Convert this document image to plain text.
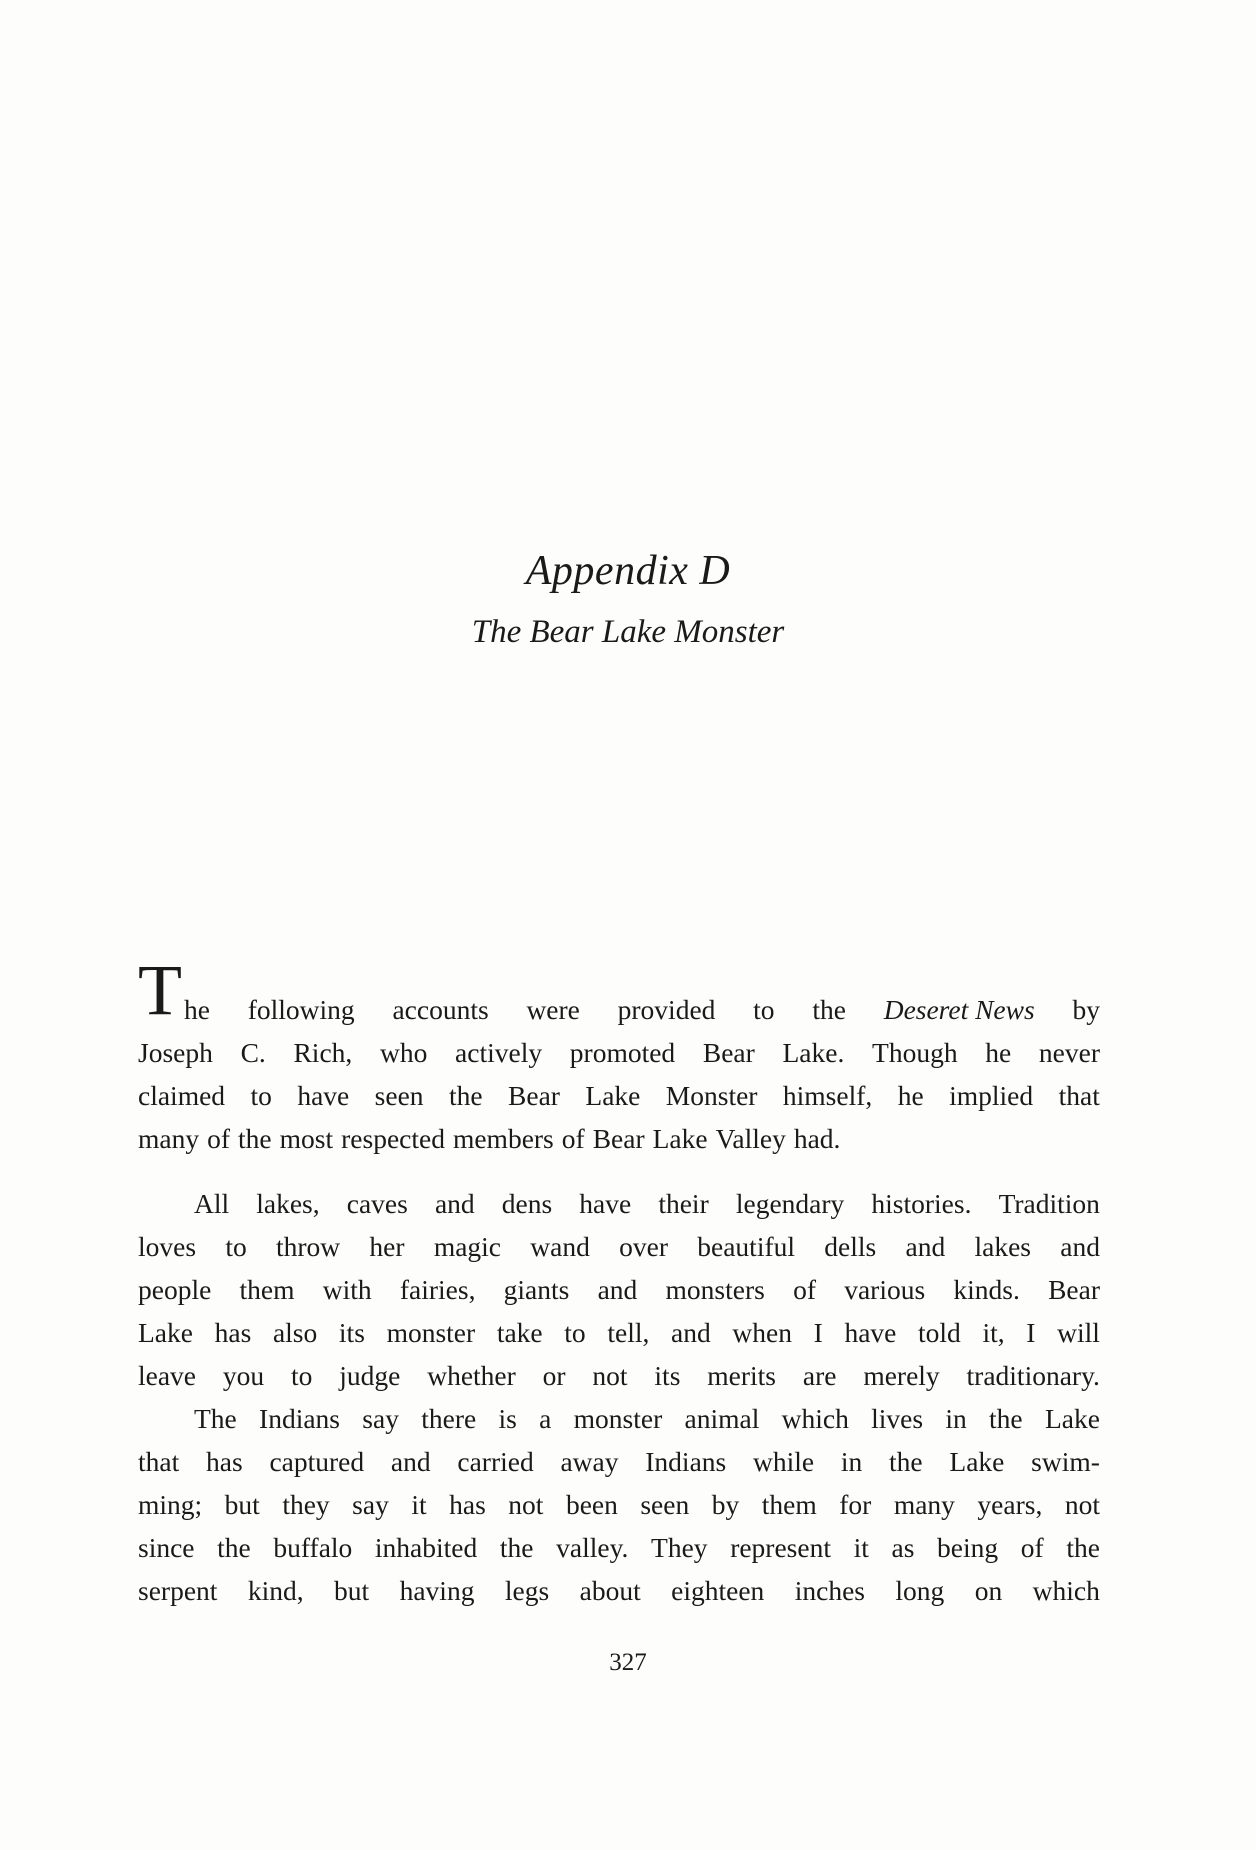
Appendix D
The Bear Lake Monster
T he following accounts were provided to the Deseret News by
Joseph C. Rich, who actively promoted Bear Lake. Though he never
claimed to have seen the Bear Lake Monster himself, he implied that
many of the most respected members of Bear Lake Valley had.
All lakes, caves and dens have their legendary histories. Tradition
loves to throw her magic wand over beautiful dells and lakes and
people them with fairies, giants and monsters of various kinds. Bear
Lake has also its monster take to tell, and when I have told it, I will
leave you to judge whether or not its merits are merely traditionary.
The Indians say there is a monster animal which lives in the Lake
that has captured and carried away Indians while in the Lake swim-
ming; but they say it has not been seen by them for many years, not
since the buffalo inhabited the valley. They represent it as being of the
serpent kind, but having legs about eighteen inches long on which

327
